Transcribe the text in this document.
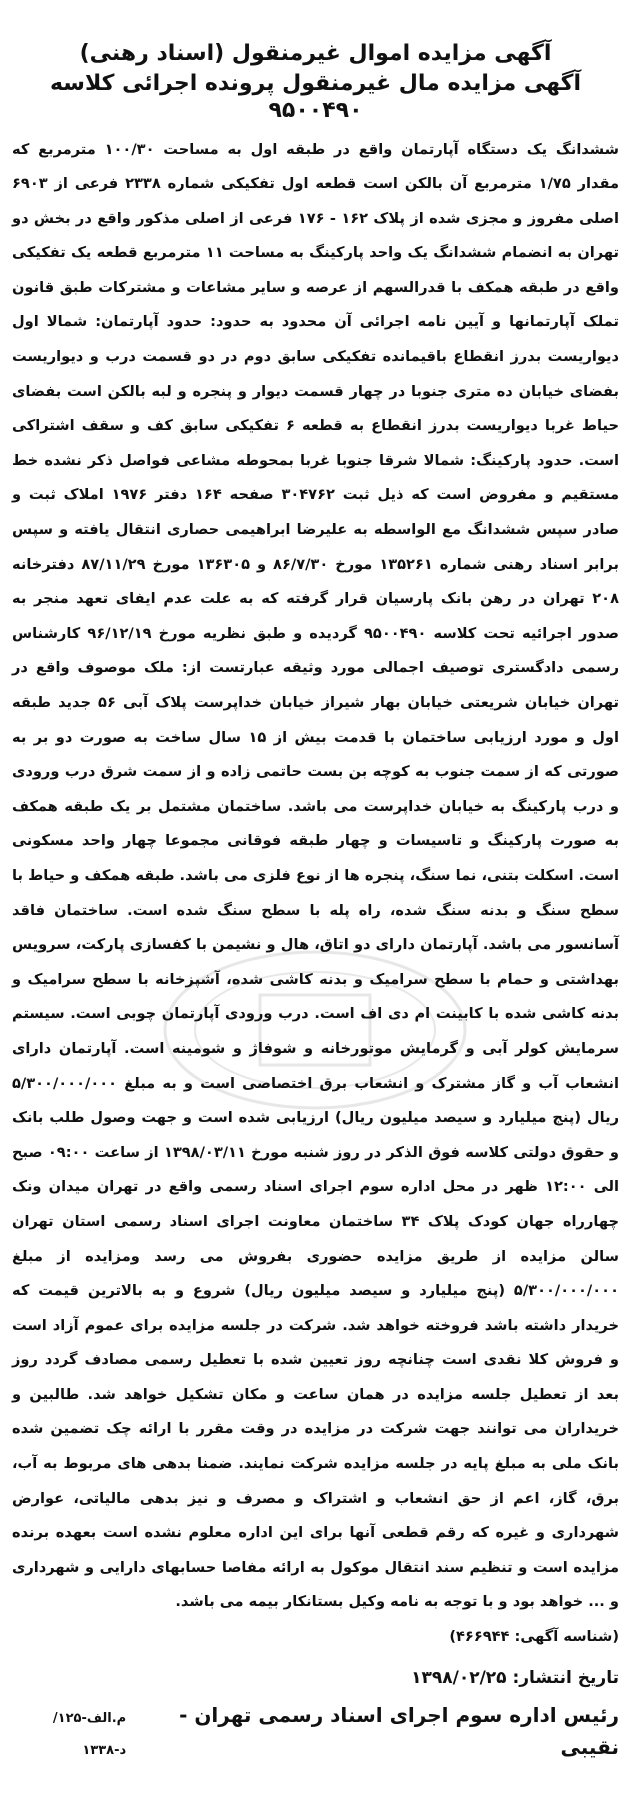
آگهی مزایده اموال غیرمنقول (اسناد رهنی)
آگهی مزایده مال غیرمنقول پرونده اجرائی کلاسه ۹۵۰۰۴۹۰

ششدانگ یک دستگاه آپارتمان واقع در طبقه اول به مساحت ۱۰۰/۳۰ مترمربع که مقدار ۱/۷۵ مترمربع آن بالکن است قطعه اول تفکیکی شماره ۲۳۳۸ فرعی از ۶۹۰۳ اصلی مفروز و مجزی شده از پلاک ۱۶۲ - ۱۷۶ فرعی از اصلی مذکور واقع در بخش دو تهران به انضمام ششدانگ یک واحد پارکینگ به مساحت ۱۱ مترمربع قطعه یک تفکیکی واقع در طبقه همکف با قدرالسهم از عرصه و سایر مشاعات و مشترکات طبق قانون تملک آپارتمانها و آیین نامه اجرائی آن محدود به حدود: حدود آپارتمان: شمالا اول دیواریست بدرز انقطاع باقیمانده تفکیکی سابق دوم در دو قسمت درب و دیواریست بفضای خیابان ده متری جنوبا در چهار قسمت دیوار و پنجره و لبه بالکن است بفضای حیاط غربا دیواریست بدرز انقطاع به قطعه ۶ تفکیکی سابق کف و سقف اشتراکی است. حدود پارکینگ: شمالا شرقا جنوبا غربا بمحوطه مشاعی فواصل ذکر نشده خط مستقیم و مفروض است که ذیل ثبت ۳۰۴۷۶۲ صفحه ۱۶۴ دفتر ۱۹۷۶ املاک ثبت و صادر سپس ششدانگ مع الواسطه به علیرضا ابراهیمی حصاری انتقال یافته و سپس برابر اسناد رهنی شماره ۱۳۵۲۶۱ مورخ ۸۶/۷/۳۰ و ۱۳۶۳۰۵ مورخ ۸۷/۱۱/۲۹ دفترخانه ۲۰۸ تهران در رهن بانک پارسیان قرار گرفته که به علت عدم ایفای تعهد منجر به صدور اجرائیه تحت کلاسه ۹۵۰۰۴۹۰ گردیده و طبق نظریه مورخ ۹۶/۱۲/۱۹ کارشناس رسمی دادگستری توصیف اجمالی مورد وثیقه عبارتست از: ملک موصوف واقع در تهران خیابان شریعتی خیابان بهار شیراز خیابان خداپرست پلاک آبی ۵۶ جدید طبقه اول و مورد ارزیابی ساختمان با قدمت بیش از ۱۵ سال ساخت به صورت دو بر به صورتی که از سمت جنوب به کوچه بن بست حاتمی زاده و از سمت شرق درب ورودی و درب پارکینگ به خیابان خداپرست می باشد. ساختمان مشتمل بر یک طبقه همکف به صورت پارکینگ و تاسیسات و چهار طبقه فوقانی مجموعا چهار واحد مسکونی است. اسکلت بتنی، نما سنگ، پنجره ها از نوع فلزی می باشد. طبقه همکف و حیاط با سطح سنگ و بدنه سنگ شده، راه پله با سطح سنگ شده است. ساختمان فاقد آسانسور می باشد. آپارتمان دارای دو اتاق، هال و نشیمن با کفسازی پارکت، سرویس بهداشتی و حمام با سطح سرامیک و بدنه کاشی شده، آشپزخانه با سطح سرامیک و بدنه کاشی شده با کابینت ام دی اف است. درب ورودی آپارتمان چوبی است. سیستم سرمایش کولر آبی و گرمایش موتورخانه و شوفاژ و شومینه است. آپارتمان دارای انشعاب آب و گاز مشترک و انشعاب برق اختصاصی است و به مبلغ ۵/۳۰۰/۰۰۰/۰۰۰ ریال (پنج میلیارد و سیصد میلیون ریال) ارزیابی شده است و جهت وصول طلب بانک و حقوق دولتی کلاسه فوق الذکر در روز شنبه مورخ ۱۳۹۸/۰۳/۱۱ از ساعت ۰۹:۰۰ صبح الی ۱۲:۰۰ ظهر در محل اداره سوم اجرای اسناد رسمی واقع در تهران میدان ونک چهارراه جهان کودک پلاک ۳۴ ساختمان معاونت اجرای اسناد رسمی استان تهران سالن مزایده از طریق مزایده حضوری بفروش می رسد ومزایده از مبلغ ۵/۳۰۰/۰۰۰/۰۰۰ (پنج میلیارد و سیصد میلیون ریال) شروع و به بالاترین قیمت که خریدار داشته باشد فروخته خواهد شد. شرکت در جلسه مزایده برای عموم آزاد است و فروش کلا نقدی است چنانچه روز تعیین شده با تعطیل رسمی مصادف گردد روز بعد از تعطیل جلسه مزایده در همان ساعت و مکان تشکیل خواهد شد. طالبین و خریداران می توانند جهت شرکت در مزایده در وقت مقرر با ارائه چک تضمین شده بانک ملی به مبلغ پایه در جلسه مزایده شرکت نمایند. ضمنا بدهی های مربوط به آب، برق، گاز، اعم از حق انشعاب و اشتراک و مصرف و نیز بدهی مالیاتی، عوارض شهرداری و غیره که رقم قطعی آنها برای این اداره معلوم نشده است بعهده برنده مزایده است و تنظیم سند انتقال موکول به ارائه مفاصا حسابهای دارایی و شهرداری و ... خواهد بود و با توجه به نامه وکیل بستانکار بیمه می باشد.

(شناسه آگهی: ۴۶۶۹۴۴)

تاریخ انتشار: ۱۳۹۸/۰۲/۲۵
رئیس اداره سوم اجرای اسناد رسمی تهران - نقیبی
م.الف-۱۲۵/د-۱۳۳۸
